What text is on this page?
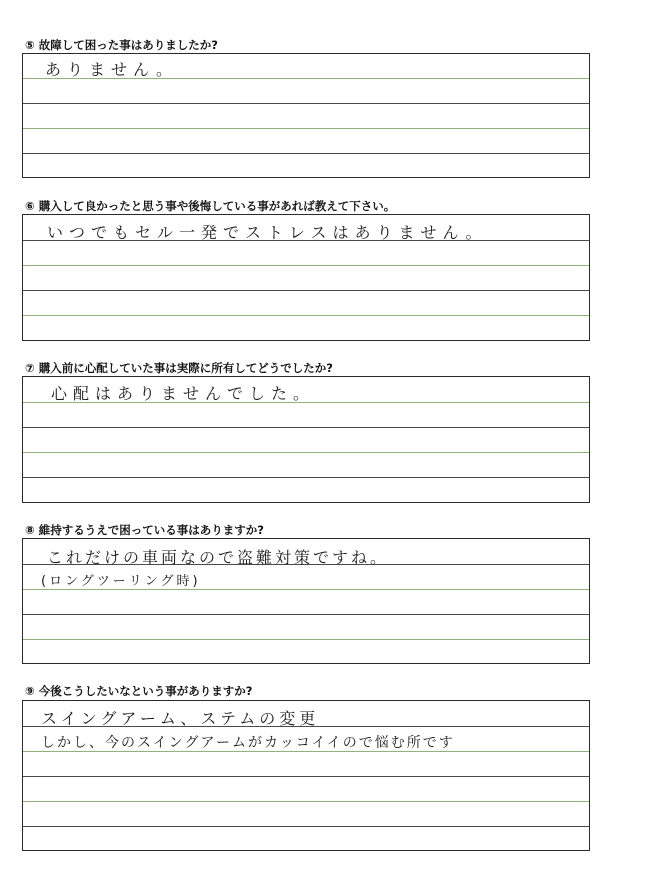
⑤ 故障して困った事はありましたか?
ありません。
⑥ 購入して良かったと思う事や後悔している事があれば教えて下さい。
いつでもセル一発でストレスはありません。
⑦ 購入前に心配していた事は実際に所有してどうでしたか?
心配はありませんでした。
⑧ 維持するうえで困っている事はありますか?
これだけの車両なので盗難対策ですね。
(ロングツーリング時)
⑨ 今後こうしたいなという事がありますか?
スイングアーム、ステムの変更
しかし、今のスイングアームがカッコイイので悩む所です
